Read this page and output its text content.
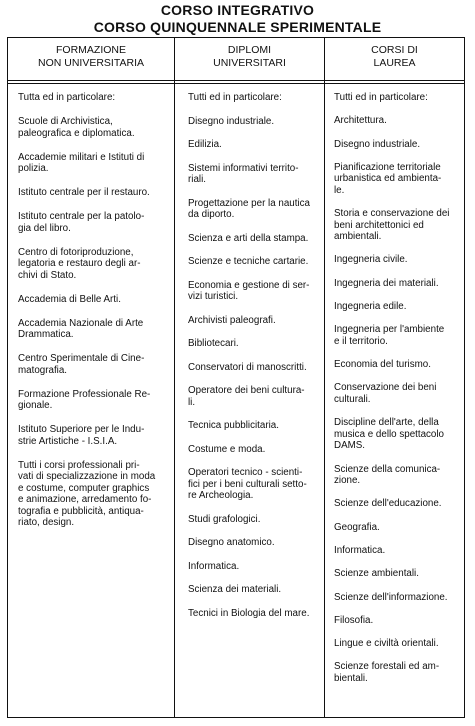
CORSO INTEGRATIVO
CORSO QUINQUENNALE SPERIMENTALE
FORMAZIONE
NON UNIVERSITARIA
DIPLOMI
UNIVERSITARI
CORSI DI
LAUREA
Tutta ed in particolare:
Scuole di Archivistica,
paleografica e diplomatica.
Accademie militari e Istituti di
polizia.
Istituto centrale per il restauro.
Istituto centrale per la patolo-
gia del libro.
Centro di fotoriproduzione,
legatoria e restauro degli ar-
chivi di Stato.
Accademia di Belle Arti.
Accademia Nazionale di Arte
Drammatica.
Centro Sperimentale di Cine-
matografia.
Formazione Professionale Re-
gionale.
Istituto Superiore per le Indu-
strie Artistiche - I.S.I.A.
Tutti i corsi professionali pri-
vati di specializzazione in moda
e costume, computer graphics
e animazione, arredamento fo-
tografia e pubblicità, antiqua-
riato, design.
Tutti ed in particolare:
Disegno industriale.
Edilizia.
Sistemi informativi territo-
riali.
Progettazione per la nautica
da diporto.
Scienza e arti della stampa.
Scienze e tecniche cartarie.
Economia e gestione di ser-
vizi turistici.
Archivisti paleografi.
Bibliotecari.
Conservatori di manoscritti.
Operatore dei beni cultura-
li.
Tecnica pubblicitaria.
Costume e moda.
Operatori tecnico - scienti-
fici per i beni culturali setto-
re Archeologia.
Studi grafologici.
Disegno anatomico.
Informatica.
Scienza dei materiali.
Tecnici in Biologia del mare.
Tutti ed in particolare:
Architettura.
Disegno industriale.
Pianificazione territoriale
urbanistica ed ambienta-
le.
Storia e conservazione dei
beni architettonici ed
ambientali.
Ingegneria civile.
Ingegneria dei materiali.
Ingegneria edile.
Ingegneria per l'ambiente
e il territorio.
Economia del turismo.
Conservazione dei beni
culturali.
Discipline dell'arte, della
musica e dello spettacolo
DAMS.
Scienze della comunica-
zione.
Scienze dell'educazione.
Geografia.
Informatica.
Scienze ambientali.
Scienze dell'informazione.
Filosofia.
Lingue e civiltà orientali.
Scienze forestali ed am-
bientali.
